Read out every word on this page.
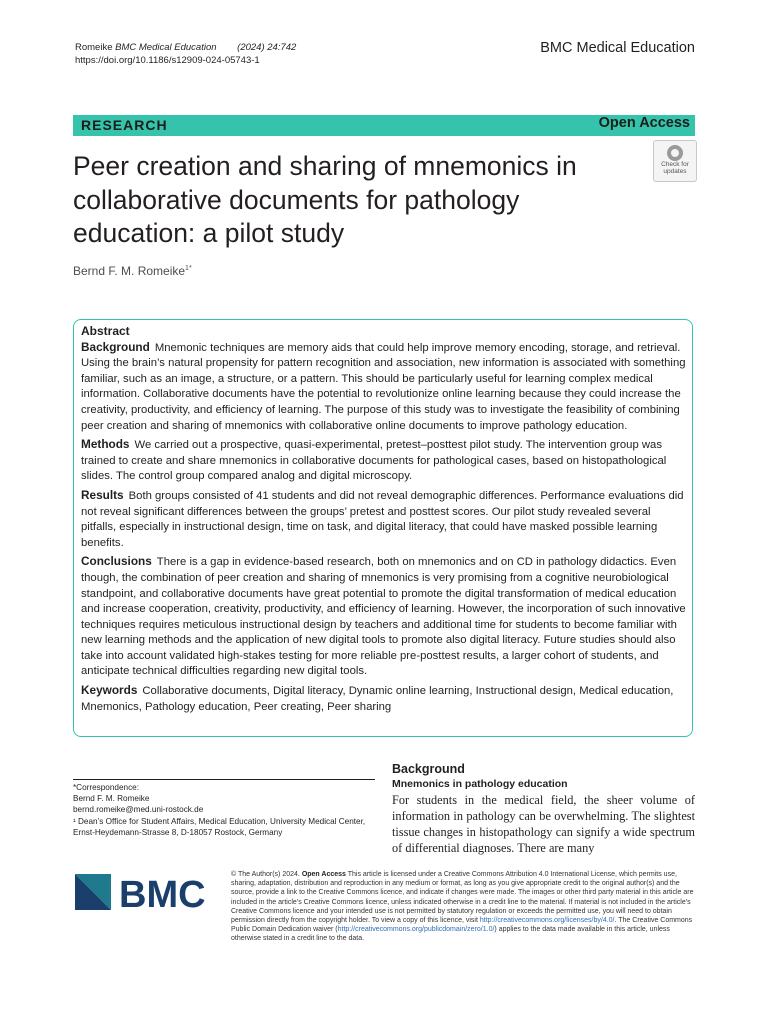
Romeike BMC Medical Education (2024) 24:742
https://doi.org/10.1186/s12909-024-05743-1
BMC Medical Education
RESEARCH	Open Access
Peer creation and sharing of mnemonics in collaborative documents for pathology education: a pilot study
Check for
updates
Bernd F. M. Romeike$^{1*}$
Abstract

Background Mnemonic techniques are memory aids that could help improve memory encoding, storage, and retrieval. Using the brain’s natural propensity for pattern recognition and association, new information is associated with something familiar, such as an image, a structure, or a pattern. This should be particularly useful for learning complex medical information. Collaborative documents have the potential to revolutionize online learning because they could increase the creativity, productivity, and efficiency of learning. The purpose of this study was to investigate the feasibility of combining peer creation and sharing of mnemonics with collaborative online documents to improve pathology education.

Methods We carried out a prospective, quasi-experimental, pretest–posttest pilot study. The intervention group was trained to create and share mnemonics in collaborative documents for pathological cases, based on histopathological slides. The control group compared analog and digital microscopy.

Results Both groups consisted of 41 students and did not reveal demographic differences. Performance evaluations did not reveal significant differences between the groups’ pretest and posttest scores. Our pilot study revealed several pitfalls, especially in instructional design, time on task, and digital literacy, that could have masked possible learning benefits.

Conclusions There is a gap in evidence-based research, both on mnemonics and on CD in pathology didactics. Even though, the combination of peer creation and sharing of mnemonics is very promising from a cognitive neurobiological standpoint, and collaborative documents have great potential to promote the digital transformation of medical education and increase cooperation, creativity, productivity, and efficiency of learning. However, the incorporation of such innovative techniques requires meticulous instructional design by teachers and additional time for students to become familiar with new learning methods and the application of new digital tools to promote also digital literacy. Future studies should also take into account validated high-stakes testing for more reliable pre-posttest results, a larger cohort of students, and anticipate technical difficulties regarding new digital tools.

Keywords Collaborative documents, Digital literacy, Dynamic online learning, Instructional design, Medical education, Mnemonics, Pathology education, Peer creating, Peer sharing

*Correspondence:

Bernd F. M. Romeike

bernd.romeike@med.uni-rostock.de

¹ Dean’s Office for Student Affairs, Medical Education, University Medical Center, Ernst-Heydemann-Strasse 8, D-18057 Rostock, Germany

Background
Mnemonics in pathology education
For students in the medical field, the sheer volume of information in pathology can be overwhelming. The slightest tissue changes in histopathology can signify a wide spectrum of differential diagnoses. There are many
BMC	© The Author(s) 2024. Open Access This article is licensed under a Creative Commons Attribution 4.0 International License, which permits use, sharing, adaptation, distribution and reproduction in any medium or format, as long as you give appropriate credit to the original author(s) and the source, provide a link to the Creative Commons licence, and indicate if changes were made. The images or other third party material in this article are included in the article’s Creative Commons licence, unless indicated otherwise in a credit line to the material. If material is not included in the article’s Creative Commons licence and your intended use is not permitted by statutory regulation or exceeds the permitted use, you will need to obtain permission directly from the copyright holder. To view a copy of this licence, visit http://creativecommons.org/licenses/by/4.0/. The Creative Commons Public Domain Dedication waiver (http://creativecommons.org/publicdomain/zero/1.0/) applies to the data made available in this article, unless otherwise stated in a credit line to the data.
